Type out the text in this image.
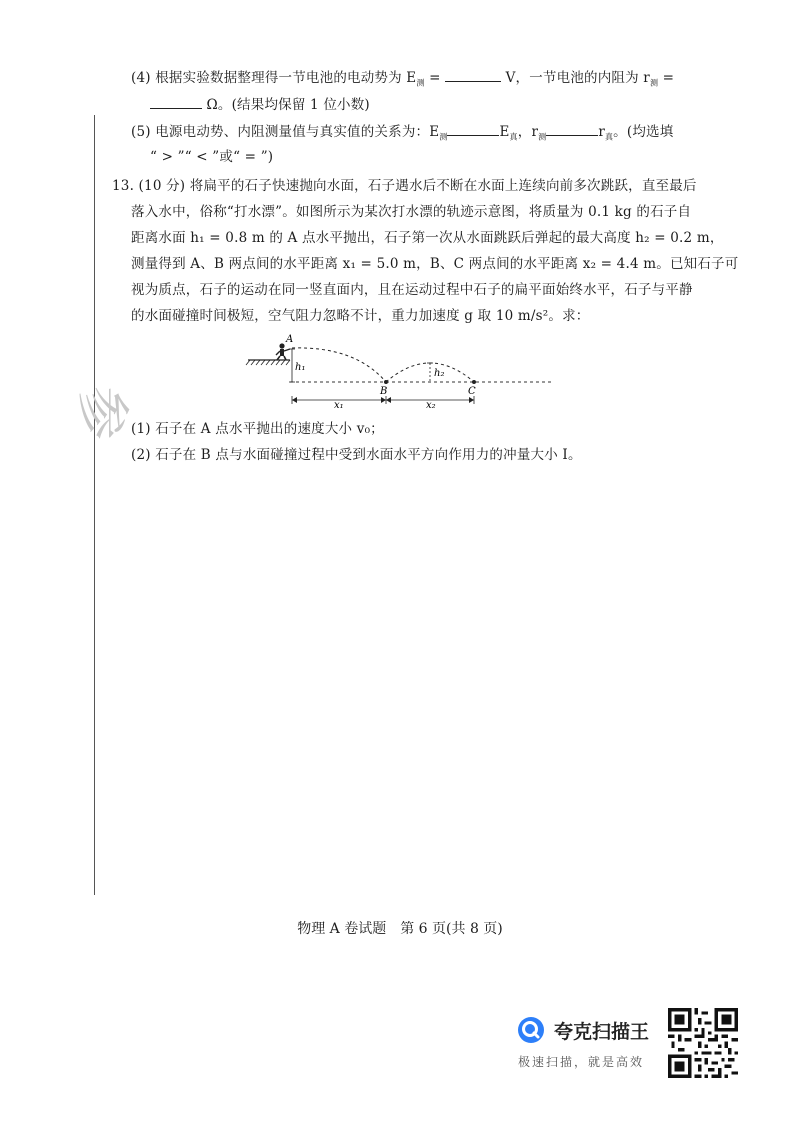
(4) 根据实验数据整理得一节电池的电动势为 $E_测$ =	V，一节电池的内阻为 $r_测$ =
Ω。(结果均保留 1 位小数)
(5) 电源电动势、内阻测量值与真实值的关系为：$E_测$	$E_真$，$r_测$	$r_真$。(均选填
“ > ”“ < ”或“ = ”)
13. (10 分) 将扁平的石子快速抛向水面，石子遇水后不断在水面上连续向前多次跳跃，直至最后
落入水中，俗称“打水漂”。如图所示为某次打水漂的轨迹示意图，将质量为 0.1 kg 的石子自
距离水面 h₁ = 0.8 m 的 A 点水平抛出，石子第一次从水面跳跃后弹起的最大高度 h₂ = 0.2 m，
测量得到 A、B 两点间的水平距离 x₁ = 5.0 m，B、C 两点间的水平距离 x₂ = 4.4 m。已知石子可
视为质点，石子的运动在同一竖直面内，且在运动过程中石子的扁平面始终水平，石子与平静
的水面碰撞时间极短，空气阻力忽略不计，重力加速度 g 取 10 m/s²。求：
A
h₁
h₂
B	C
x₁	x₂
(1) 石子在 A 点水平抛出的速度大小 v₀；
(2) 石子在 B 点与水面碰撞过程中受到水面水平方向作用力的冲量大小 I。
参
物理 A 卷试题　第 6 页(共 8 页)
夸克扫描王
极速扫描，就是高效
